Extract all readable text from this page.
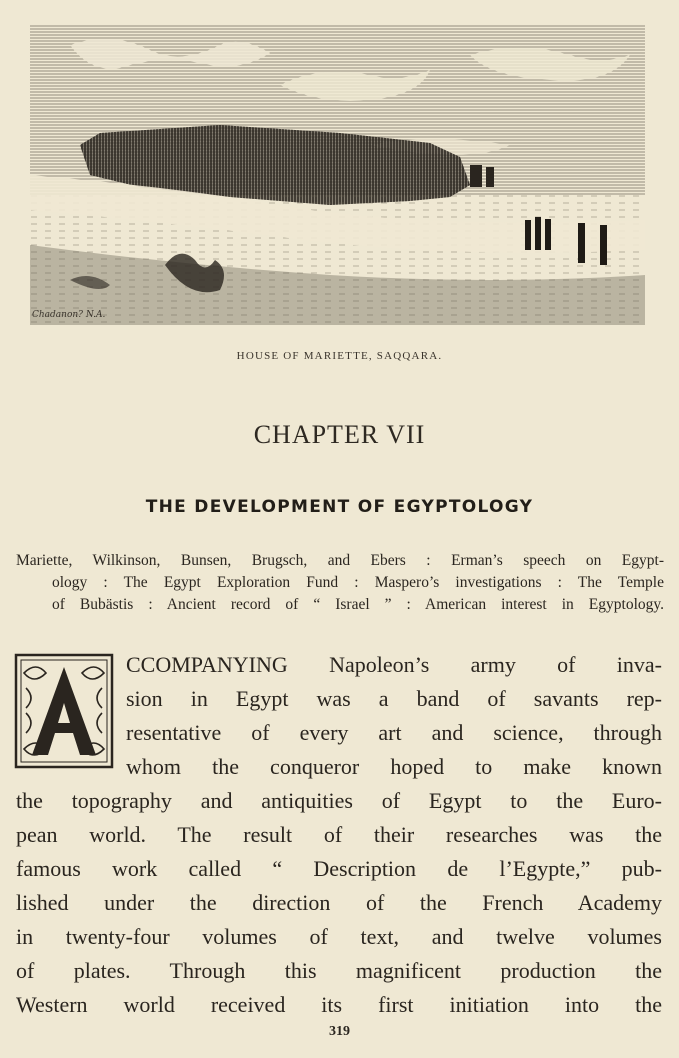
Chadanon? N.A.
HOUSE OF MARIETTE, SAQQARA.
CHAPTER VII
THE DEVELOPMENT OF EGYPTOLOGY
Mariette, Wilkinson, Bunsen, Brugsch, and Ebers : Erman’s speech on Egypt-
ology : The Egypt Exploration Fund : Maspero’s investigations : The Temple
of Bubästis : Ancient record of “ Israel ” : American interest in Egyptology.
A
CCOMPANYING Napoleon’s army of inva-
sion in Egypt was a band of savants rep-
resentative of every art and science, through
whom the conqueror hoped to make known
the topography and antiquities of Egypt to the Euro-
pean world. The result of their researches was the
famous work called “ Description de l’Egypte,” pub-
lished under the direction of the French Academy
in twenty-four volumes of text, and twelve volumes
of plates. Through this magnificent production the
Western world received its first initiation into the
319
